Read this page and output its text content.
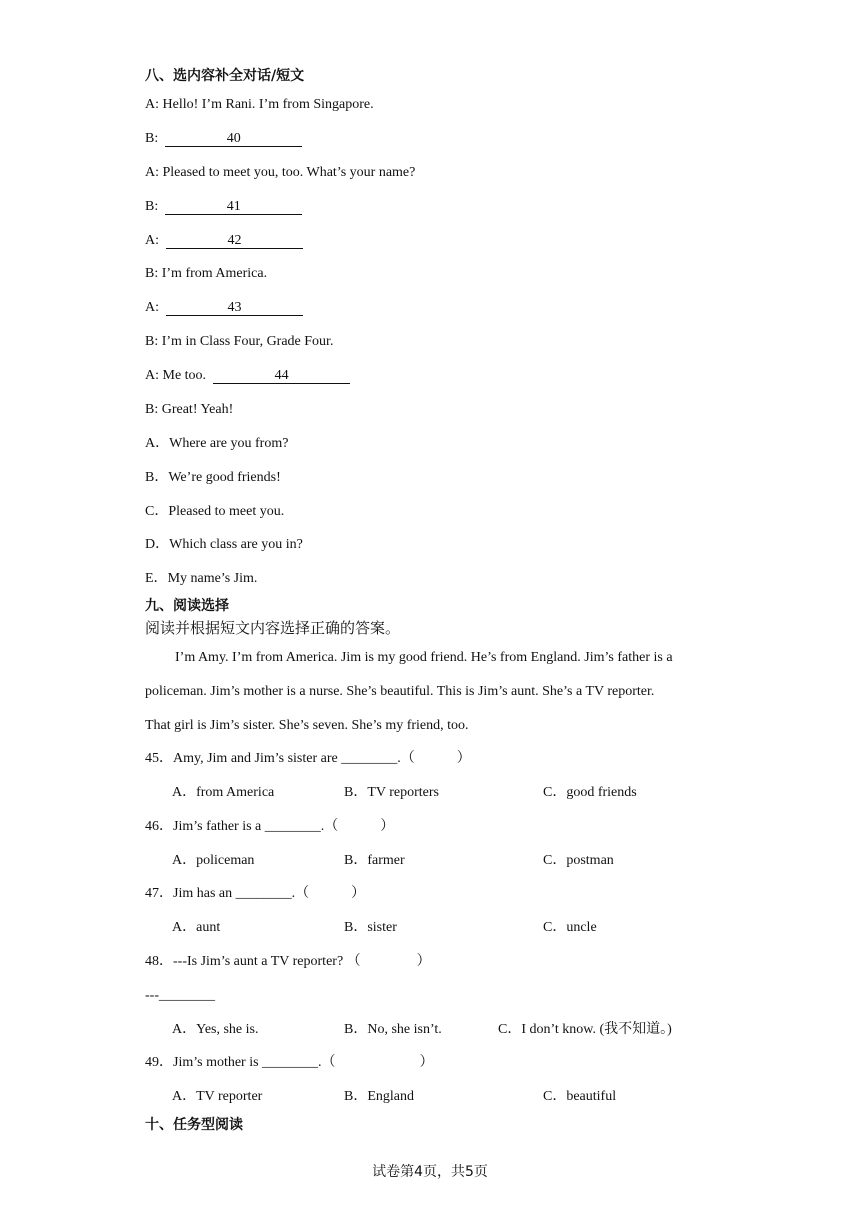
八、选内容补全对话/短文
A: Hello! I’m Rani. I’m from Singapore.
B:	40
A: Pleased to meet you, too. What’s your name?
B:	41
A:	42
B: I’m from America.
A:	43
B: I’m in Class Four, Grade Four.
A: Me too.	44
B: Great! Yeah!
A．Where are you from?
B．We’re good friends!
C．Pleased to meet you.
D．Which class are you in?
E．My name’s Jim.
九、阅读选择
阅读并根据短文内容选择正确的答案。
I’m Amy. I’m from America. Jim is my good friend. He’s from England. Jim’s father is a
policeman. Jim’s mother is a nurse. She’s beautiful. This is Jim’s aunt. She’s a TV reporter.
That girl is Jim’s sister. She’s seven. She’s my friend, too.
45．Amy, Jim and Jim’s sister are ________.（　　　）
A．from America	B．TV reporters	C．good friends
46．Jim’s father is a ________.（　　　）
A．policeman	B．farmer	C．postman
47．Jim has an ________.（　　　）
A．aunt	B．sister	C．uncle
48．---Is Jim’s aunt a TV reporter? （　　　　）
---________
A．Yes, she is.	B．No, she isn’t.	C．I don’t know. (我不知道。)
49．Jim’s mother is ________.（　　　　　　）
A．TV reporter	B．England	C．beautiful
十、任务型阅读
试卷第4页，共5页
